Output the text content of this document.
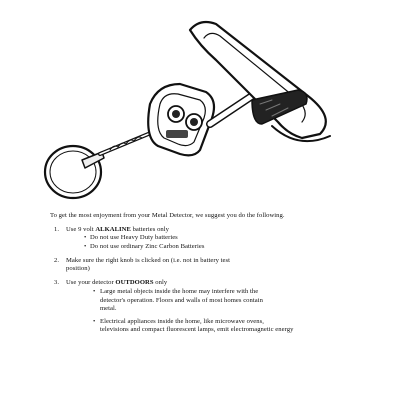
To get the most enjoyment from your Metal Detector, we suggest you do the following.

1. Use 9 volt ALKALINE batteries only
• Do not use Heavy Duty batteries
• Do not use ordinary Zinc Carbon Batteries
2. Make sure the right knob is clicked on (i.e. not in battery test
position)
3. Use your detector OUTDOORS only
• Large metal objects inside the home may interfere with the
detector's operation. Floors and walls of most homes contain
metal.
• Electrical appliances inside the home, like microwave ovens,
televisions and compact fluorescent lamps, emit electromagnetic energy
